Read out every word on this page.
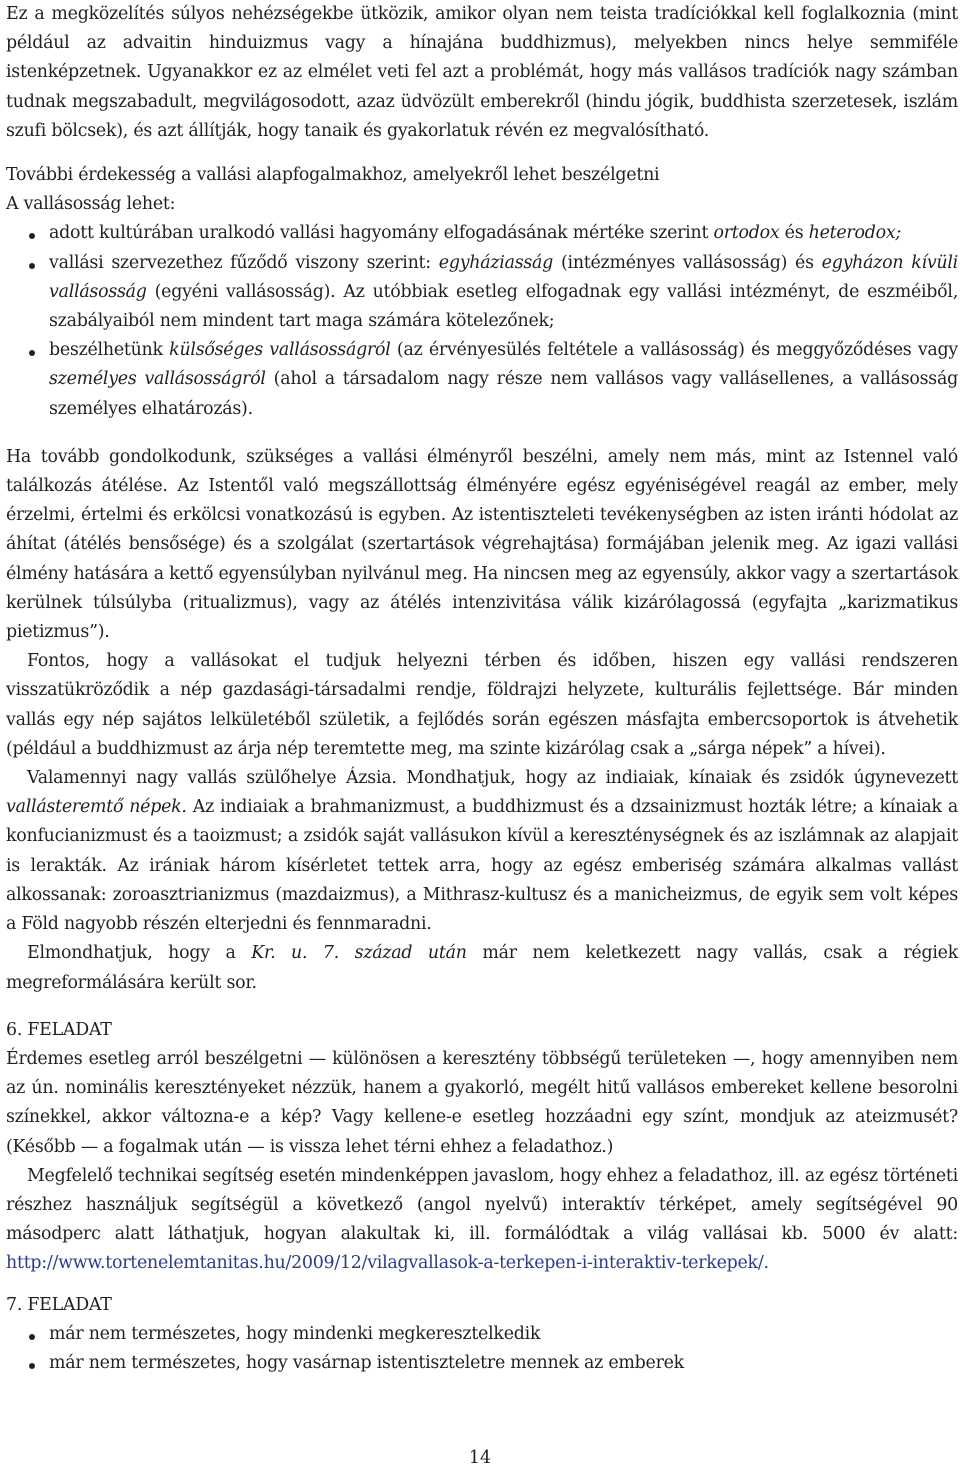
Ez a megközelítés súlyos nehézségekbe ütközik, amikor olyan nem teista tradíciókkal kell foglalkoznia (mint például az advaitin hinduizmus vagy a hínajána buddhizmus), melyekben nincs helye semmiféle istenképzetnek. Ugyanakkor ez az elmélet veti fel azt a problémát, hogy más vallásos tradíciók nagy számban tudnak megszabadult, megvilágosodott, azaz üdvözült emberekről (hindu jógik, buddhista szerzetesek, iszlám szufi bölcsek), és azt állítják, hogy tanaik és gyakorlatuk révén ez megvalósítható.

További érdekesség a vallási alapfogalmakhoz, amelyekről lehet beszélgetni

A vallásosság lehet:

adott kultúrában uralkodó vallási hagyomány elfogadásának mértéke szerint ortodox és heterodox;
vallási szervezethez fűződő viszony szerint: egyháziasság (intézményes vallásosság) és egyházon kívüli vallásosság (egyéni vallásosság). Az utóbbiak esetleg elfogadnak egy vallási intézményt, de eszméiből, szabályaiból nem mindent tart maga számára kötelezőnek;
beszélhetünk külsőséges vallásosságról (az érvényesülés feltétele a vallásosság) és meggyőződéses vagy személyes vallásosságról (ahol a társadalom nagy része nem vallásos vagy vallásellenes, a vallásosság személyes elhatározás).

Ha tovább gondolkodunk, szükséges a vallási élményről beszélni, amely nem más, mint az Istennel való találkozás átélése. Az Istentől való megszállottság élményére egész egyéniségével reagál az ember, mely érzelmi, értelmi és erkölcsi vonatkozású is egyben. Az istentiszteleti tevékenységben az isten iránti hódolat az áhítat (átélés bensősége) és a szolgálat (szertartások végrehajtása) formájában jelenik meg. Az igazi vallási élmény hatására a kettő egyensúlyban nyilvánul meg. Ha nincsen meg az egyensúly, akkor vagy a szertartások kerülnek túlsúlyba (ritualizmus), vagy az átélés intenzivitása válik kizárólagossá (egyfajta „karizmatikus pietizmus”).

Fontos, hogy a vallásokat el tudjuk helyezni térben és időben, hiszen egy vallási rendszeren visszatükröződik a nép gazdasági-társadalmi rendje, földrajzi helyzete, kulturális fejlettsége. Bár minden vallás egy nép sajátos lelkületéből születik, a fejlődés során egészen másfajta embercsoportok is átvehetik (például a buddhizmust az árja nép teremtette meg, ma szinte kizárólag csak a „sárga népek” a hívei).

Valamennyi nagy vallás szülőhelye Ázsia. Mondhatjuk, hogy az indiaiak, kínaiak és zsidók úgynevezett vallásteremtő népek. Az indiaiak a brahmanizmust, a buddhizmust és a dzsainizmust hozták létre; a kínaiak a konfucianizmust és a taoizmust; a zsidók saját vallásukon kívül a kereszténységnek és az iszlámnak az alapjait is lerakták. Az irániak három kísérletet tettek arra, hogy az egész emberiség számára alkalmas vallást alkossanak: zoroasztrianizmus (mazdaizmus), a Mithrasz-kultusz és a manicheizmus, de egyik sem volt képes a Föld nagyobb részén elterjedni és fennmaradni.

Elmondhatjuk, hogy a Kr. u. 7. század után már nem keletkezett nagy vallás, csak a régiek megreformálására került sor.

6. FELADAT

Érdemes esetleg arról beszélgetni — különösen a keresztény többségű területeken —, hogy amennyiben nem az ún. nominális keresztényeket nézzük, hanem a gyakorló, megélt hitű vallásos embereket kellene besorolni színekkel, akkor változna-e a kép? Vagy kellene-e esetleg hozzáadni egy színt, mondjuk az ateizmusét? (Később — a fogalmak után — is vissza lehet térni ehhez a feladathoz.)

Megfelelő technikai segítség esetén mindenképpen javaslom, hogy ehhez a feladathoz, ill. az egész történeti részhez használjuk segítségül a következő (angol nyelvű) interaktív térképet, amely segítségével 90 másodperc alatt láthatjuk, hogyan alakultak ki, ill. formálódtak a világ vallásai kb. 5000 év alatt: http://www.tortenelemtanitas.hu/2009/12/vilagvallasok-a-terkepen-i-interaktiv-terkepek/.

7. FELADAT

már nem természetes, hogy mindenki megkeresztelkedik
már nem természetes, hogy vasárnap istentiszteletre mennek az emberek
14
